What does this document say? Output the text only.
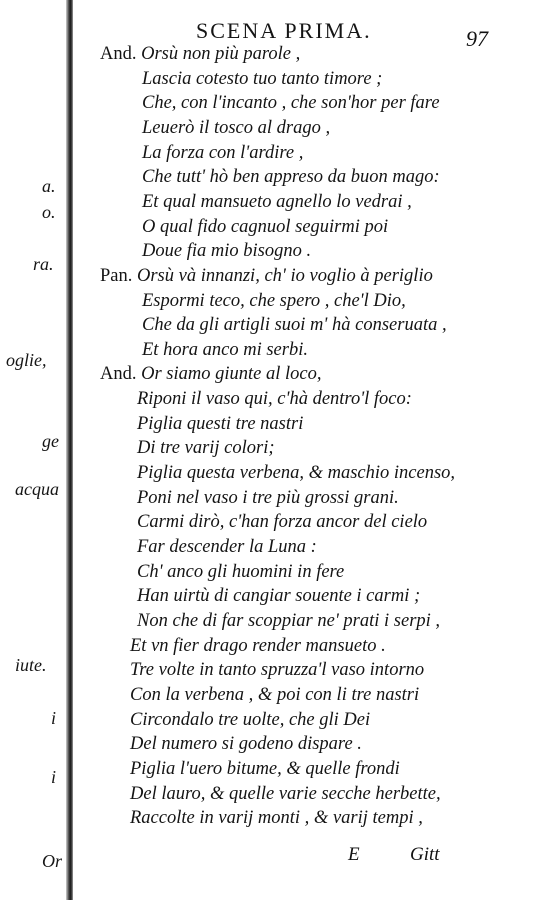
a.
o.
ra.
oglie,
ge
acqua
iute.
i
i
Or
SCENA PRIMA.	97
And. Orsù non più parole ,
Lascia cotesto tuo tanto timore ;
Che, con l'incanto , che son'hor per fare
Leuerò il tosco al drago ,
La forza con l'ardire ,
Che tutt' hò ben appreso da buon mago:
Et qual mansueto agnello lo vedrai ,
O qual fido cagnuol seguirmi poi
Doue fia mio bisogno .
Pan. Orsù và innanzi, ch' io voglio à periglio
Espormi teco, che spero , che'l Dio,
Che da gli artigli suoi m' hà conseruata ,
Et hora anco mi serbi.
And. Or siamo giunte al loco,
Riponi il vaso qui, c'hà dentro'l foco:
Piglia questi tre nastri
Di tre varij colori;
Piglia questa verbena, & maschio incenso,
Poni nel vaso i tre più grossi grani.
Carmi dirò, c'han forza ancor del cielo
Far descender la Luna :
Ch' anco gli huomini in fere
Han uirtù di cangiar souente i carmi ;
Non che di far scoppiar ne' prati i serpi ,
Et vn fier drago render mansueto .
Tre volte in tanto spruzza'l vaso intorno
Con la verbena , & poi con li tre nastri
Circondalo tre uolte, che gli Dei
Del numero si godeno dispare .
Piglia l'uero bitume, & quelle frondi
Del lauro, & quelle varie secche herbette,
Raccolte in varij monti , & varij tempi ,
E	Gitt
